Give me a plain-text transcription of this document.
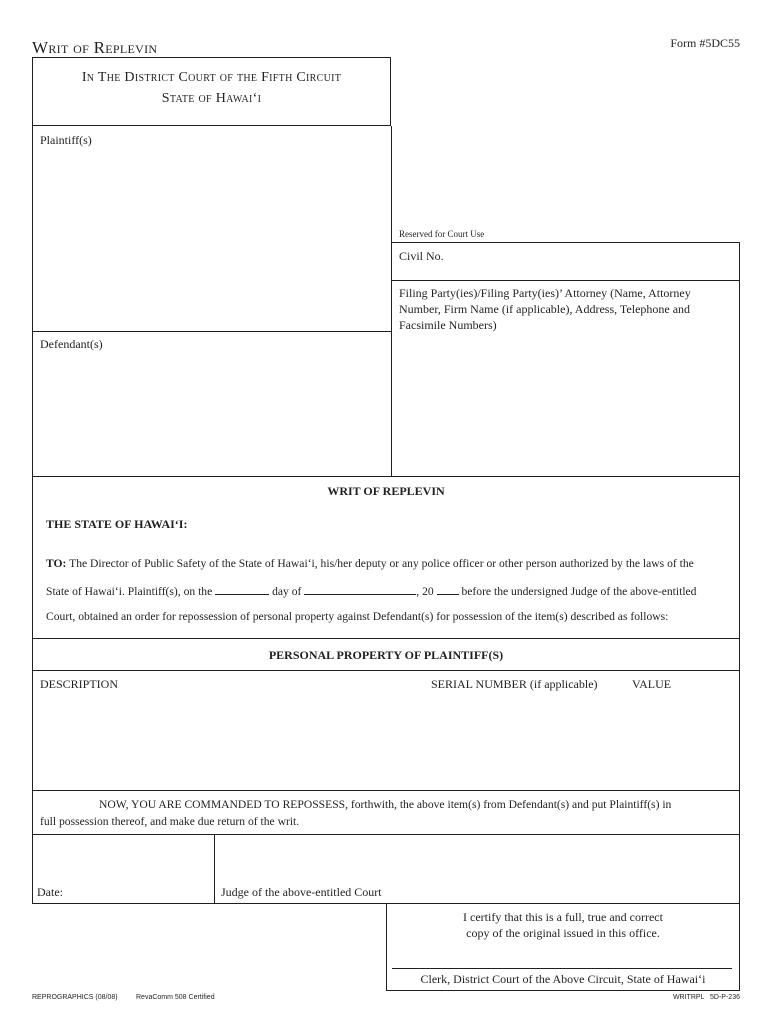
Writ of Replevin	Form #5DC55
In The District Court of the Fifth Circuit
State of Hawai‘i
Plaintiff(s)
Defendant(s)
Reserved for Court Use
Civil No.
Filing Party(ies)/Filing Party(ies)’ Attorney (Name, Attorney Number, Firm Name (if applicable), Address, Telephone and Facsimile Numbers)
WRIT OF REPLEVIN
THE STATE OF HAWAI‘I:
TO: The Director of Public Safety of the State of Hawai‘i, his/her deputy or any police officer or other person authorized by the laws of the
State of Hawai‘i. Plaintiff(s), on the	day of	, 20 before the undersigned Judge of the above-entitled
Court, obtained an order for repossession of personal property against Defendant(s) for possession of the item(s) described as follows:
PERSONAL PROPERTY OF PLAINTIFF(S)
DESCRIPTION	SERIAL NUMBER (if applicable)	VALUE
NOW, YOU ARE COMMANDED TO REPOSSESS, forthwith, the above item(s) from Defendant(s) and put Plaintiff(s) in
full possession thereof, and make due return of the writ.
Date:	Judge of the above-entitled Court
I certify that this is a full, true and correct
copy of the original issued in this office.
Clerk, District Court of the Above Circuit, State of Hawai‘i
REPROGRAPHICS (08/08)	RevaComm 508 Certified	WRITRPL   5D-P-236
